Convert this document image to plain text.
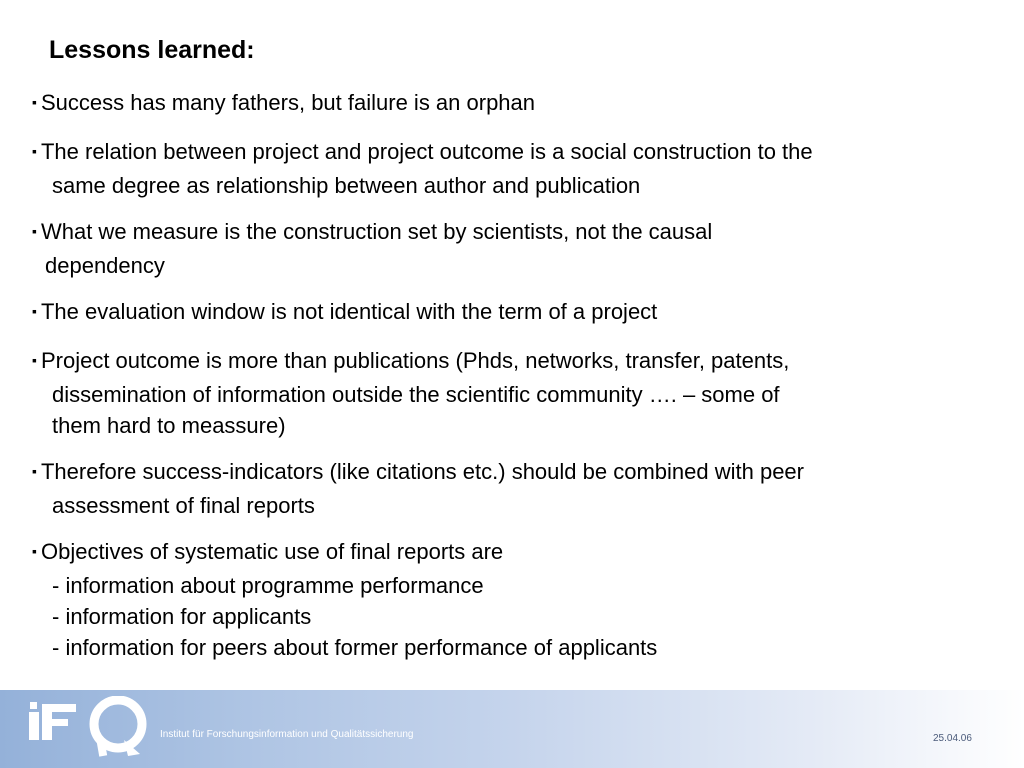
Lessons learned:
▪ Success has many fathers, but failure is an orphan
▪ The relation between project and project outcome is a social construction to the
same degree as relationship between author and publication
▪ What we measure is the construction set by scientists, not the causal
dependency
▪ The evaluation window is not identical with the term of a project
▪ Project outcome is more than publications (Phds, networks, transfer, patents,
dissemination of information outside the scientific community …. – some of
them hard to meassure)
▪ Therefore success-indicators (like citations etc.) should be combined with peer
assessment of final reports
▪ Objectives of systematic use of final reports are
- information about programme performance
- information for applicants
- information for peers about former performance of applicants
Institut für Forschungsinformation und Qualitätssicherung	25.04.06
